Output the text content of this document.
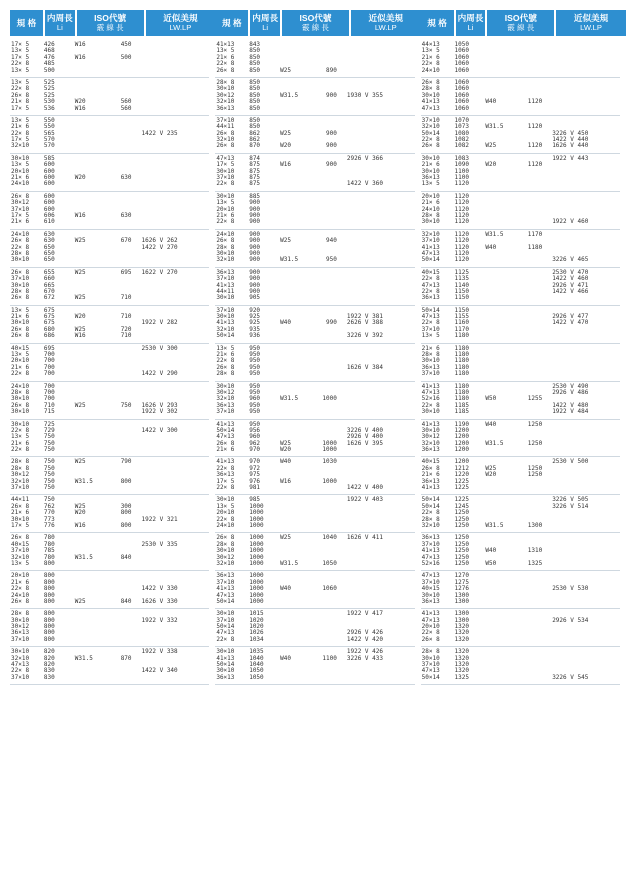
規 格 内周長
Li
ISO代號
霰 線 長
近似美規
LW.LP
17× 5	426	W16	450
13× 5	468
17× 5	476	W16	500
22× 8	485
13× 5	500
13× 5	525
22× 8	525
26× 8	525
21× 8	530	W20	560
17× 5	536	W16	560
13× 5	550
21× 6	550
22× 8	565	1422 V 235
17× 5	570
32×10	570
30×10	585
13× 5	600
20×10	600
21× 6	600	W20	630
24×10	600
26× 8	600
30×12	600
37×10	600
17× 5	606	W16	630
21× 6	610
24×10	630
26× 8	630	W25	670	1626 V 262
22× 8	650	1422 V 270
28× 8	650
30×10	650
26× 8	655	W25	695	1622 V 270
37×10	660
30×10	665
28× 8	670
26× 8	672	W25	710
13× 5	675
21× 6	675	W20	710
30×10	675	1922 V 282
26× 8	680	W25	720
26× 8	686	W16	710
40×15	695	2530 V 300
13× 5	700
20×10	700
21× 6	700
22× 8	700	1422 V 290
24×10	700
28× 8	700
30×10	700
26× 8	710	W25	750	1626 V 293
30×10	715	1922 V 302
30×10	725
22× 8	729	1422 V 300
13× 5	750
21× 6	750
22× 8	750
28× 8	750	W25	790
28× 8	750
30×12	750
32×10	750	W31.5	800
37×10	750
44×11	750
26× 8	762	W25	300
21× 6	770	W20	800
30×10	773	1922 V 321
17× 5	776	W16	800
26× 8	780
40×15	780	2530 V 335
37×10	785
32×10	780	W31.5	840
13× 5	800
20×10	800
21× 6	800
22× 8	800	1422 V 330
24×10	800
26× 8	800	W25	840	1626 V 330
28× 8	800
30×10	800	1922 V 332
30×12	800
36×13	800
37×10	800
30×10	820	1922 V 338
32×10	820	W31.5	870
47×13	820
22× 8	830	1422 V 340
37×10	830
規 格 内周長
Li
ISO代號
霰 線 長
近似美規
LW.LP
41×13	843
13× 5	850
21× 6	850
22× 8	850
26× 8	850	W25	890
28× 8	850
30×10	850
30×12	850	W31.5	900	1930 V 355
32×10	850
36×13	850
37×10	850
44×11	850
26× 8	862	W25	900
32×10	862
26× 8	870	W20	900
47×13	874	2926 V 366
17× 5	875	W16	900
30×10	875
37×10	875
22× 8	875	1422 V 360
30×10	885
13× 5	900
20×10	900
21× 6	900
22× 8	900
24×10	900
26× 8	900	W25	940
28× 8	900
30×10	900
32×10	900	W31.5	950
36×13	900
37×10	900
41×13	900
44×11	900
30×10	905
37×10	920
30×10	925	1922 V 381
41×13	925	W40	990	2626 V 388
32×10	935
50×14	936	3226 V 392
13× 5	950
21× 6	950
22× 8	950
26× 8	950	1626 V 384
28× 8	950
30×10	950
30×12	950
32×10	960	W31.5	1000
36×13	950
37×10	950
41×13	950
50×14	956	3226 V 400
47×13	960	2926 V 400
26× 8	962	W25	1000	1626 V 395
21× 6	970	W20	1000
41×13	970	W40	1030
22× 8	972
36×13	975
17× 5	976	W16	1000
22× 8	981	1422 V 400
30×10	985	1922 V 403
13× 5	1000
20×10	1000
22× 8	1000
24×10	1000
26× 8	1000	W25	1040	1626 V 411
28× 8	1000
30×10	1000
30×12	1000
32×10	1000	W31.5	1050
36×13	1000
37×10	1000
41×13	1000	W40	1060
47×13	1000
50×14	1000
30×10	1015	1922 V 417
37×10	1020
50×14	1020
47×13	1026	2926 V 426
22× 8	1034	1422 V 420
30×10	1035	1922 V 426
41×13	1040	W40	1100	3226 V 433
50×14	1040
30×10	1050
36×13	1050
規 格 内周長
Li
ISO代號
霰 線 長
近似美規
LW.LP
44×13	1050
13× 5	1060
21× 6	1060
22× 8	1060
24×10	1060
26× 8	1060
28× 8	1060
30×10	1060
41×13	1060	W40	1120
47×13	1060
37×10	1070
32×10	1073	W31.5	1120
50×14	1080	3226 V 450
22× 8	1082	1422 V 440
26× 8	1082	W25	1120	1626 V 440
30×10	1083	1922 V 443
21× 6	1090	W20	1120
30×10	1100
36×13	1100
13× 5	1120
20×10	1120
21× 6	1120
24×10	1120
28× 8	1120
30×10	1120	1922 V 460
32×10	1120	W31.5	1170
37×10	1120
41×13	1120	W40	1180
47×13	1120
50×14	1120	3226 V 465
40×15	1125	2530 V 470
22× 8	1135	1422 V 460
47×13	1140	2926 V 471
22× 8	1150	1422 V 466
36×13	1150
50×14	1150
47×13	1155	2926 V 477
22× 8	1160	1422 V 470
37×10	1170
13× 5	1180
21× 6	1180
28× 8	1180
30×10	1180
36×13	1180
37×10	1180
41×13	1180	2530 V 490
47×13	1180	2926 V 486
52×16	1180	W50	1255
22× 8	1185	1422 V 480
30×10	1185	1922 V 484
41×13	1190	W40	1250
30×10	1200
30×12	1200
32×10	1200	W31.5	1250
36×13	1200
40×15	1200	2530 V 500
26× 8	1212	W25	1250
21× 6	1220	W20	1250
36×13	1225
41×13	1225
50×14	1225	3226 V 505
50×14	1245	3226 V 514
22× 8	1250
28× 8	1250
32×10	1250	W31.5	1300
36×13	1250
37×10	1250
41×13	1250	W40	1310
47×13	1250
52×16	1250	W50	1325
47×13	1270
37×10	1275
40×15	1276	2530 V 530
30×10	1300
36×13	1300
41×13	1300
47×13	1300	2926 V 534
20×10	1320
22× 8	1320
26× 8	1320
28× 8	1320
30×10	1320
37×10	1320
47×13	1320
50×14	1325	3226 V 545
